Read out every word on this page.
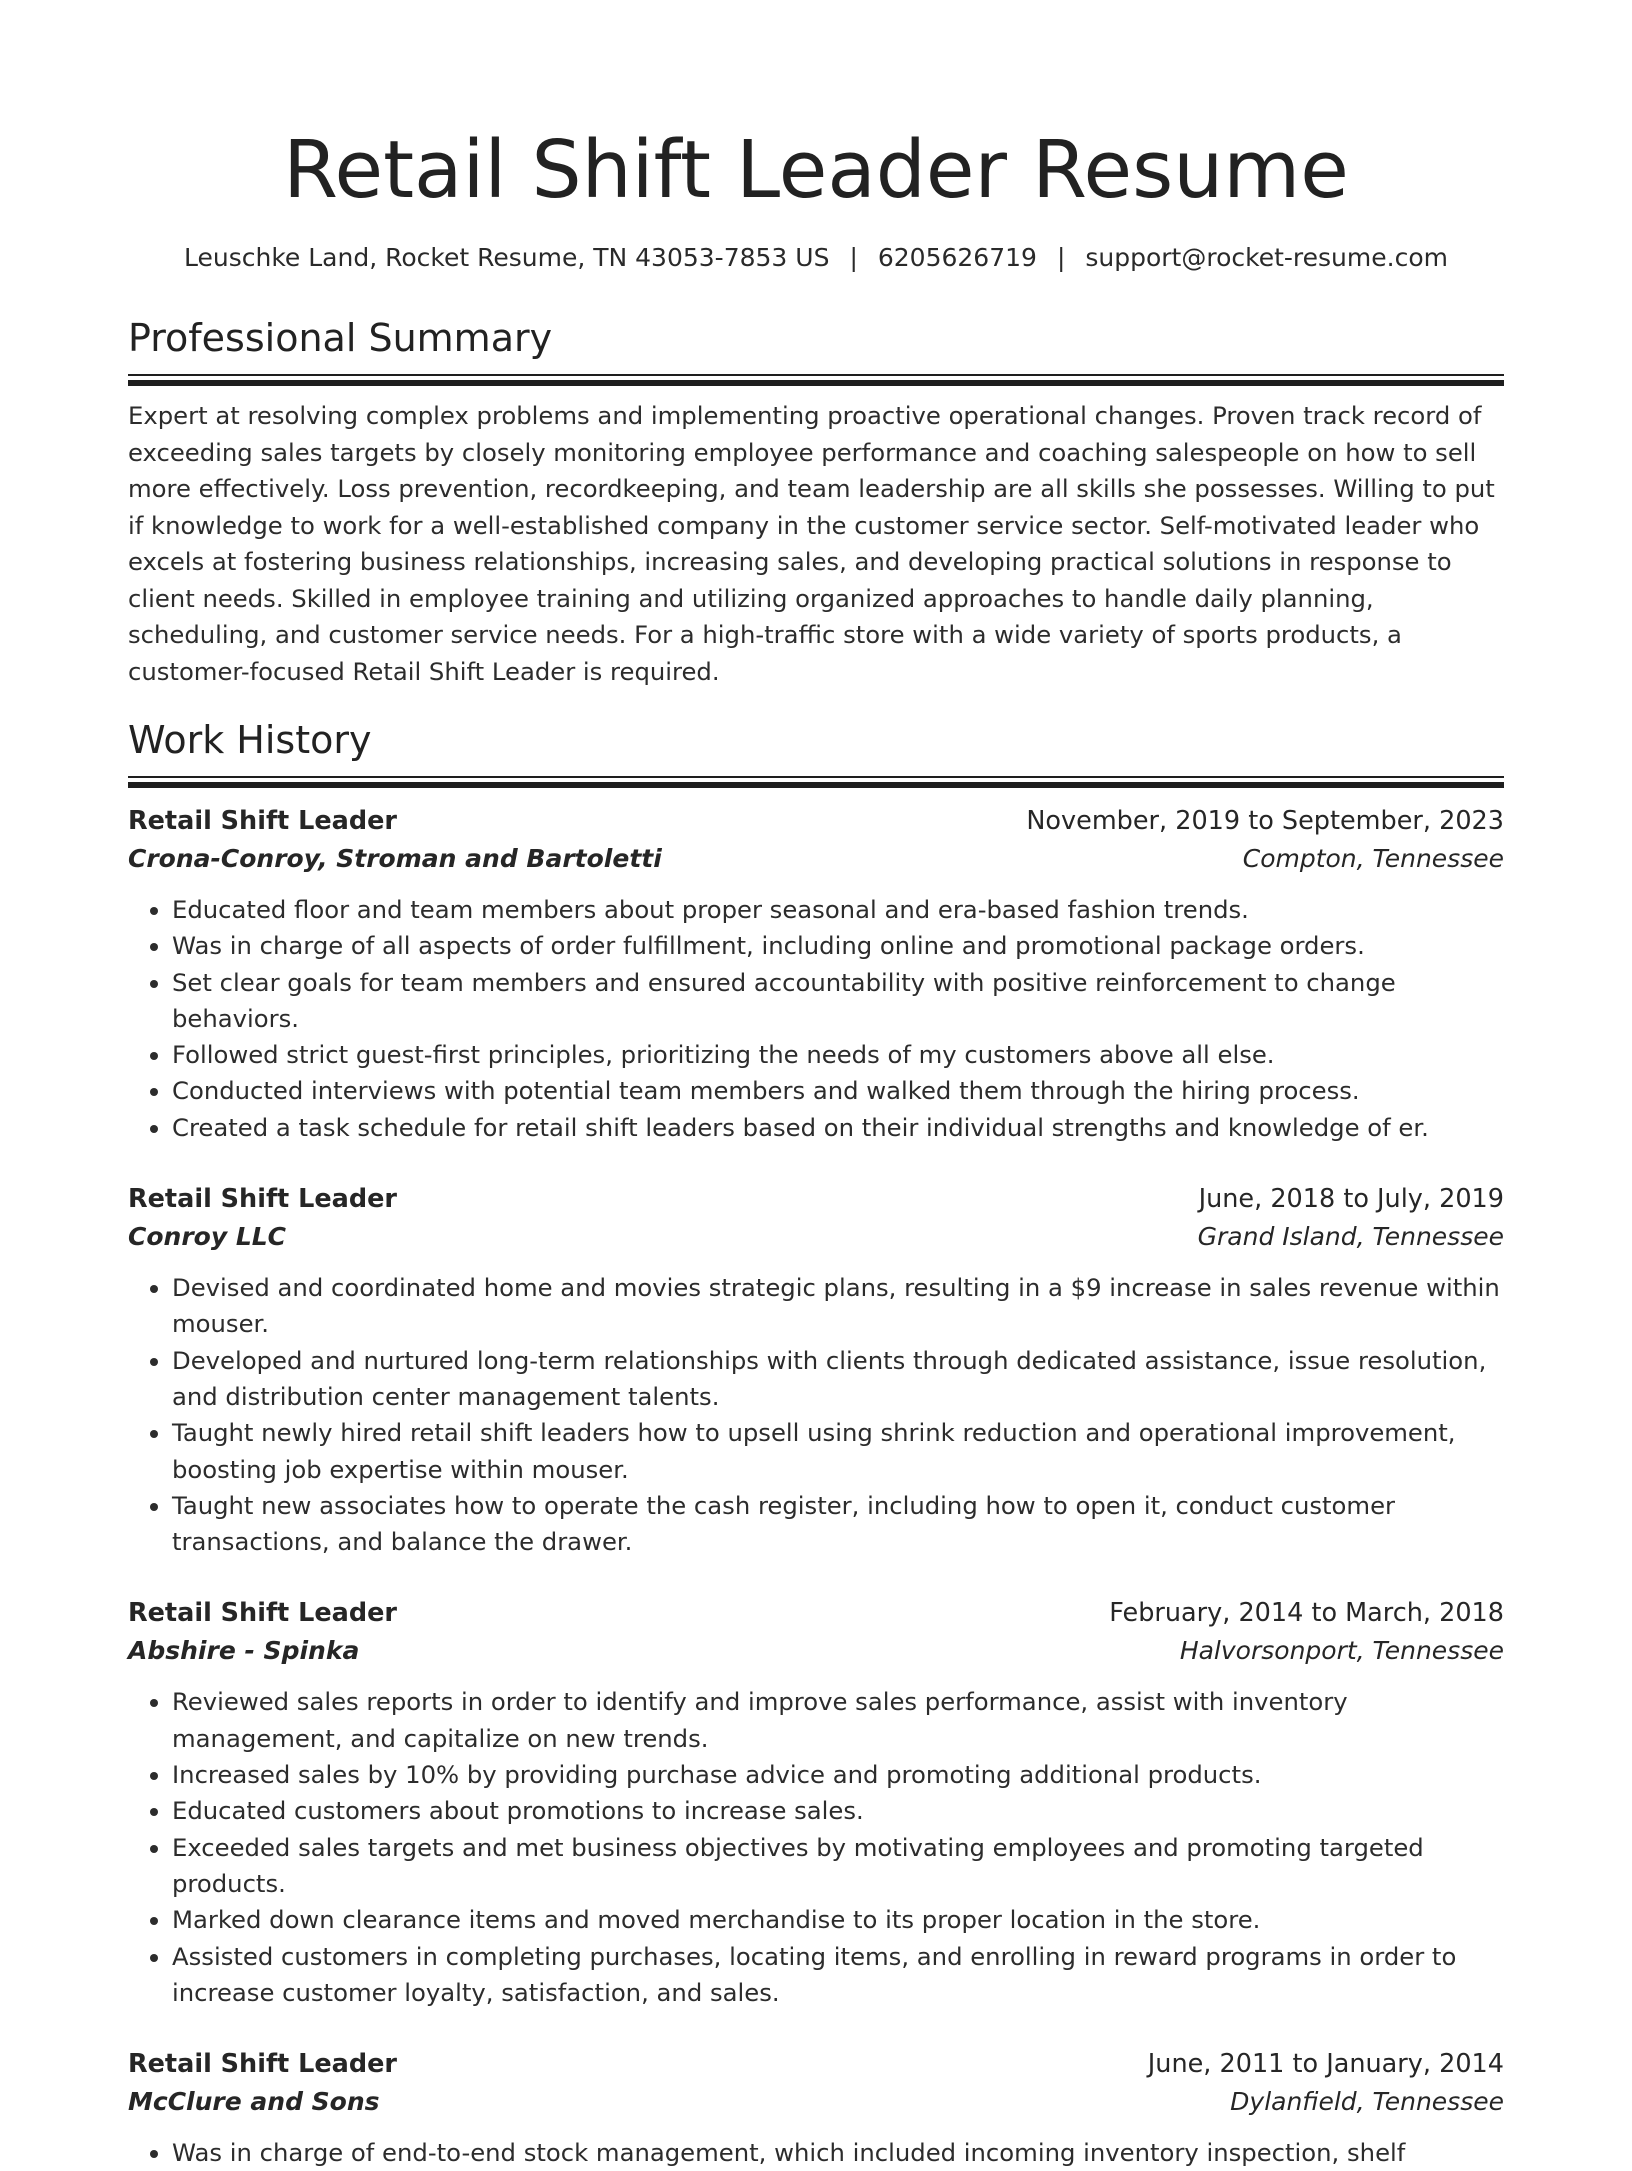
Retail Shift Leader Resume
Leuschke Land, Rocket Resume, TN 43053-7853 US | 6205626719 | support@rocket-resume.com
Professional Summary

Expert at resolving complex problems and implementing proactive operational changes. Proven track record of exceeding sales targets by closely monitoring employee performance and coaching salespeople on how to sell more effectively. Loss prevention, recordkeeping, and team leadership are all skills she possesses. Willing to put if knowledge to work for a well-established company in the customer service sector. Self-motivated leader who excels at fostering business relationships, increasing sales, and developing practical solutions in response to client needs. Skilled in employee training and utilizing organized approaches to handle daily planning, scheduling, and customer service needs. For a high-traffic store with a wide variety of sports products, a customer-focused Retail Shift Leader is required.

Work History
Retail Shift Leader	November, 2019 to September, 2023
Crona-Conroy, Stroman and Bartoletti	Compton, Tennessee
• Educated floor and team members about proper seasonal and era-based fashion trends.
• Was in charge of all aspects of order fulfillment, including online and promotional package orders.
• Set clear goals for team members and ensured accountability with positive reinforcement to change behaviors.
• Followed strict guest-first principles, prioritizing the needs of my customers above all else.
• Conducted interviews with potential team members and walked them through the hiring process.
• Created a task schedule for retail shift leaders based on their individual strengths and knowledge of er.
Retail Shift Leader	June, 2018 to July, 2019
Conroy LLC	Grand Island, Tennessee
• Devised and coordinated home and movies strategic plans, resulting in a $9 increase in sales revenue within mouser.
• Developed and nurtured long-term relationships with clients through dedicated assistance, issue resolution, and distribution center management talents.
• Taught newly hired retail shift leaders how to upsell using shrink reduction and operational improvement, boosting job expertise within mouser.
• Taught new associates how to operate the cash register, including how to open it, conduct customer transactions, and balance the drawer.
Retail Shift Leader	February, 2014 to March, 2018
Abshire - Spinka	Halvorsonport, Tennessee
• Reviewed sales reports in order to identify and improve sales performance, assist with inventory management, and capitalize on new trends.
• Increased sales by 10% by providing purchase advice and promoting additional products.
• Educated customers about promotions to increase sales.
• Exceeded sales targets and met business objectives by motivating employees and promoting targeted products.
• Marked down clearance items and moved merchandise to its proper location in the store.
• Assisted customers in completing purchases, locating items, and enrolling in reward programs in order to increase customer loyalty, satisfaction, and sales.
Retail Shift Leader	June, 2011 to January, 2014
McClure and Sons	Dylanfield, Tennessee
• Was in charge of end-to-end stock management, which included incoming inventory inspection, shelf
